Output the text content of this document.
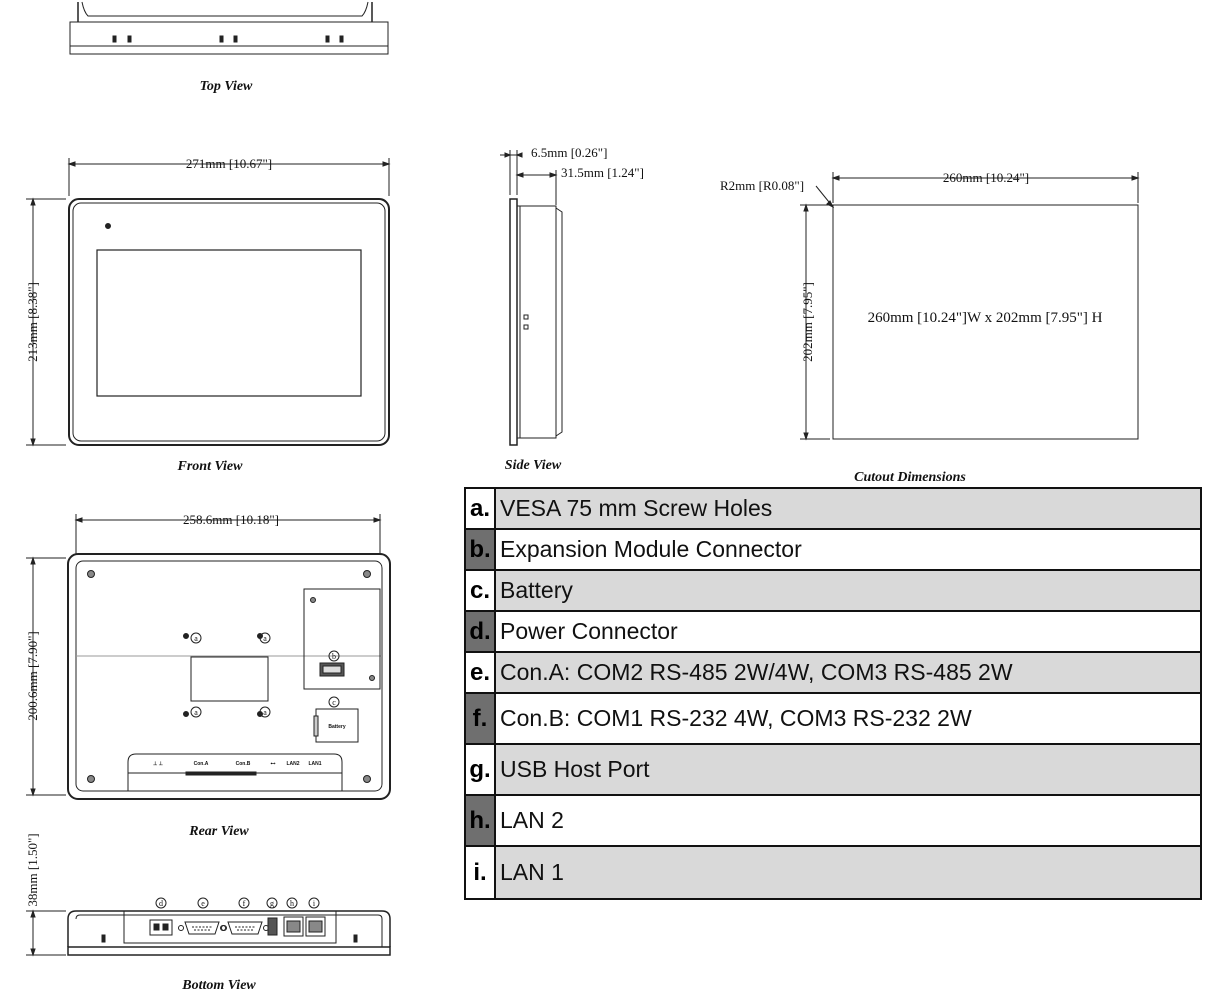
Top View
271mm [10.67"]
213mm [8.38"]
Front View
6.5mm [0.26"]
31.5mm [1.24"]
Side View
R2mm [R0.08"]
260mm [10.24"]
202mm [7.95"]	260mm [10.24"]W x 202mm [7.95"] H
Cutout Dimensions
258.6mm [10.18"]
200.6mm [7.90"]	a	a
a	a
b
Battery
c
⊥ ⊥	Con.A	Con.B	⊷ LAN2 LAN1
Rear View
38mm [1.50"]	d	e	f	g h i
Bottom View
a. VESA 75 mm Screw Holes
b. Expansion Module Connector
c. Battery
d. Power Connector
e. Con.A: COM2 RS-485 2W/4W, COM3 RS-485 2W
f. Con.B: COM1 RS-232 4W, COM3 RS-232 2W
g. USB Host Port
h. LAN 2
i. LAN 1
